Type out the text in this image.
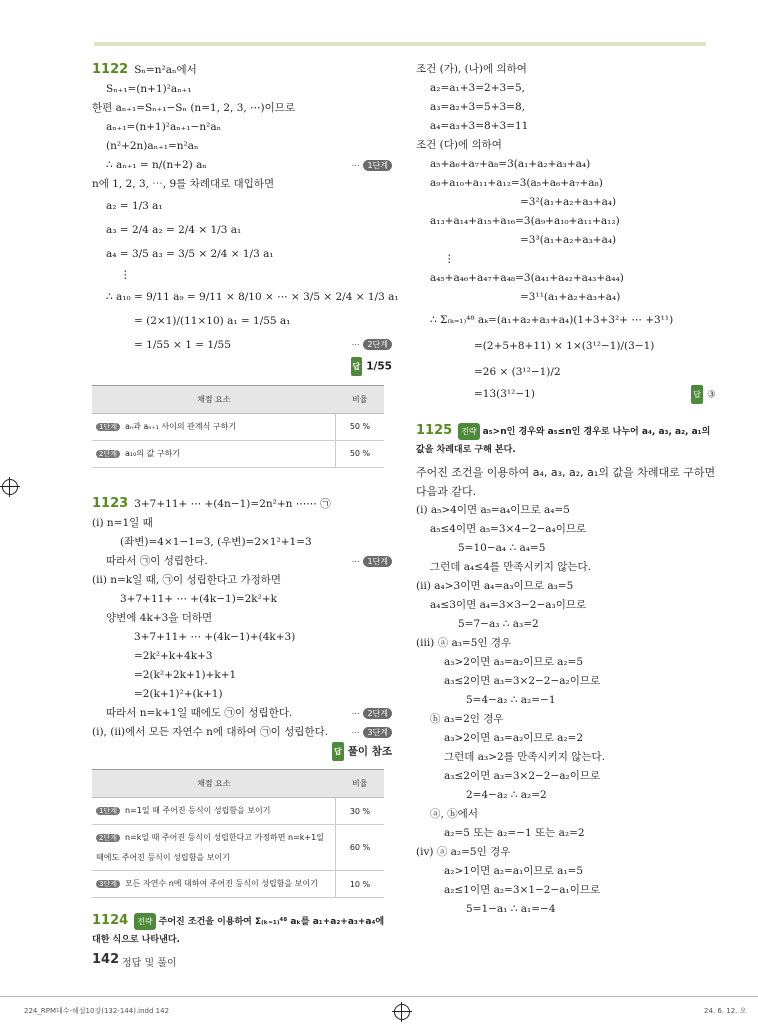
1122 Sₙ=n²aₙ에서
Sₙ₊₁=(n+1)²aₙ₊₁
한편 aₙ₊₁=Sₙ₊₁−Sₙ (n=1, 2, 3, ⋯)이므로
aₙ₊₁=(n+1)²aₙ₊₁−n²aₙ
(n²+2n)aₙ₊₁=n²aₙ
∴ aₙ₊₁ = n/(n+2) aₙ	⋯ 1단계
n에 1, 2, 3, ⋯, 9를 차례대로 대입하면
a₂ = 1/3 a₁
a₃ = 2/4 a₂ = 2/4 × 1/3 a₁
a₄ = 3/5 a₃ = 3/5 × 2/4 × 1/3 a₁
⋮
∴ a₁₀ = 9/11 a₉ = 9/11 × 8/10 × ⋯ × 3/5 × 2/4 × 1/3 a₁
= (2×1)/(11×10) a₁ = 1/55 a₁
= 1/55 × 1 = 1/55	⋯ 2단계
답 1/55
채점 요소	비율
1단계 aₙ과 aₙ₊₁ 사이의 관계식 구하기	50 %
2단계 a₁₀의 값 구하기	50 %
1123 3+7+11+ ⋯ +(4n−1)=2n²+n ⋯⋯ ㉠
(ⅰ) n=1일 때
(좌변)=4×1−1=3, (우변)=2×1²+1=3
따라서 ㉠이 성립한다.	⋯ 1단계
(ⅱ) n=k일 때, ㉠이 성립한다고 가정하면
3+7+11+ ⋯ +(4k−1)=2k²+k
양변에 4k+3을 더하면
3+7+11+ ⋯ +(4k−1)+(4k+3)
=2k²+k+4k+3
=2(k²+2k+1)+k+1
=2(k+1)²+(k+1)
따라서 n=k+1일 때에도 ㉠이 성립한다.	⋯ 2단계
(ⅰ), (ⅱ)에서 모든 자연수 n에 대하여 ㉠이 성립한다.	⋯ 3단계
답 풀이 참조
채점 요소	비율
1단계 n=1일 때 주어진 등식이 성립함을 보이기	30 %
2단계 n=k일 때 주어진 등식이 성립한다고 가정하면 n=k+1일 때에도 주어진 등식이 성립함을 보이기	60 %
3단계 모든 자연수 n에 대하여 주어진 등식이 성립함을 보이기	10 %
1124 전략 주어진 조건을 이용하여 Σ₍ₖ₌₁₎⁴⁸ aₖ를 a₁+a₂+a₃+a₄에 대한 식으로 나타낸다.
조건 (가), (나)에 의하여
a₂=a₁+3=2+3=5,
a₃=a₂+3=5+3=8,
a₄=a₃+3=8+3=11
조건 (다)에 의하여
a₅+a₆+a₇+a₈=3(a₁+a₂+a₃+a₄)
a₉+a₁₀+a₁₁+a₁₂=3(a₅+a₆+a₇+a₈)
=3²(a₁+a₂+a₃+a₄)
a₁₃+a₁₄+a₁₅+a₁₆=3(a₉+a₁₀+a₁₁+a₁₂)
=3³(a₁+a₂+a₃+a₄)
⋮
a₄₅+a₄₆+a₄₇+a₄₈=3(a₄₁+a₄₂+a₄₃+a₄₄)
=3¹¹(a₁+a₂+a₃+a₄)
∴ Σ₍ₖ₌₁₎⁴⁸ aₖ=(a₁+a₂+a₃+a₄)(1+3+3²+ ⋯ +3¹¹)
=(2+5+8+11) × 1×(3¹²−1)/(3−1)
=26 × (3¹²−1)/2
=13(3¹²−1)	답 ③
1125 전략 a₅>n인 경우와 a₅≤n인 경우로 나누어 a₄, a₃, a₂, a₁의 값을 차례대로 구해 본다.
주어진 조건을 이용하여 a₄, a₃, a₂, a₁의 값을 차례대로 구하면
다음과 같다.
(ⅰ) a₅>4이면 a₅=a₄이므로 a₄=5
a₅≤4이면 a₅=3×4−2−a₄이므로
5=10−a₄ ∴ a₄=5
그런데 a₄≤4를 만족시키지 않는다.
(ⅱ) a₄>3이면 a₄=a₃이므로 a₃=5
a₄≤3이면 a₄=3×3−2−a₃이므로
5=7−a₃ ∴ a₃=2
(ⅲ) ⓐ a₃=5인 경우
a₃>2이면 a₃=a₂이므로 a₂=5
a₃≤2이면 a₃=3×2−2−a₂이므로
5=4−a₂ ∴ a₂=−1
ⓑ a₃=2인 경우
a₃>2이면 a₃=a₂이므로 a₂=2
그런데 a₃>2를 만족시키지 않는다.
a₃≤2이면 a₃=3×2−2−a₂이므로
2=4−a₂ ∴ a₂=2
ⓐ, ⓑ에서
a₂=5 또는 a₂=−1 또는 a₂=2
(ⅳ) ⓐ a₂=5인 경우
a₂>1이면 a₂=a₁이므로 a₁=5
a₂≤1이면 a₂=3×1−2−a₁이므로
5=1−a₁ ∴ a₁=−4
142 정답 및 풀이
224_RPM대수-해설10강(132-144).indd 142	24. 6. 12. 오
